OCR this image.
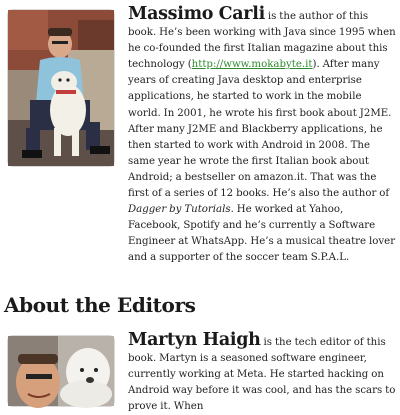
Massimo Carli is the author of this book. He’s been working with Java since 1995 when he co-founded the first Italian magazine about this technology (http://www.mokabyte.it). After many years of creating Java desktop and enterprise applications, he started to work in the mobile world. In 2001, he wrote his first book about J2ME. After many J2ME and Blackberry applications, he then started to work with Android in 2008. The same year he wrote the first Italian book about Android; a bestseller on amazon.it. That was the first of a series of 12 books. He’s also the author of Dagger by Tutorials. He worked at Yahoo, Facebook, Spotify and he’s currently a Software Engineer at WhatsApp. He’s a musical theatre lover and a supporter of the soccer team S.P.A.L.

About the Editors

Martyn Haigh is the tech editor of this book. Martyn is a seasoned software engineer, currently working at Meta. He started hacking on Android way before it was cool, and has the scars to prove it. When
